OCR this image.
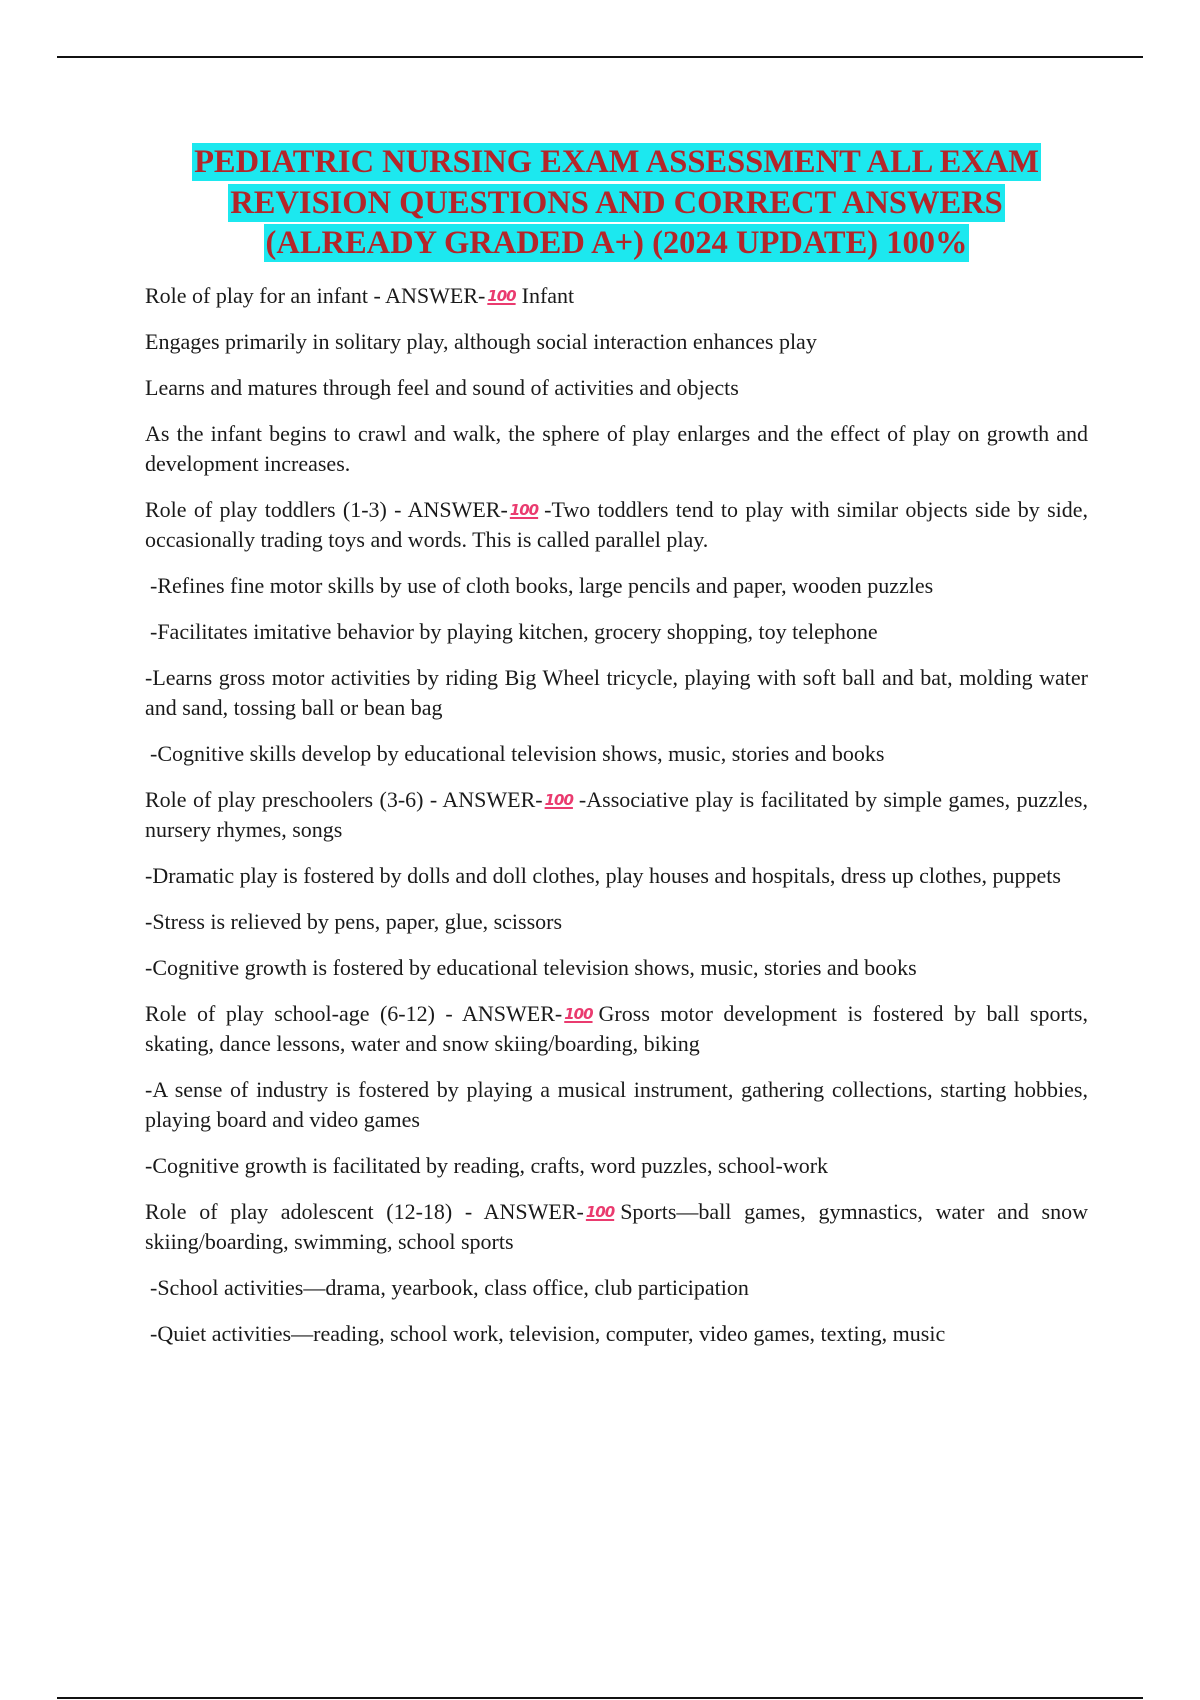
PEDIATRIC NURSING EXAM ASSESSMENT ALL EXAM
REVISION QUESTIONS AND CORRECT ANSWERS
(ALREADY GRADED A+) (2024 UPDATE) 100%

Role of play for an infant - ANSWER- 100 Infant

Engages primarily in solitary play, although social interaction enhances play

Learns and matures through feel and sound of activities and objects

As the infant begins to crawl and walk, the sphere of play enlarges and the effect of play on growth and development increases.

Role of play toddlers (1-3) - ANSWER- 100 -Two toddlers tend to play with similar objects side by side, occasionally trading toys and words. This is called parallel play.

-Refines fine motor skills by use of cloth books, large pencils and paper, wooden puzzles

-Facilitates imitative behavior by playing kitchen, grocery shopping, toy telephone

-Learns gross motor activities by riding Big Wheel tricycle, playing with soft ball and bat, molding water and sand, tossing ball or bean bag

-Cognitive skills develop by educational television shows, music, stories and books

Role of play preschoolers (3-6) - ANSWER- 100 -Associative play is facilitated by simple games, puzzles, nursery rhymes, songs

-Dramatic play is fostered by dolls and doll clothes, play houses and hospitals, dress up clothes, puppets

-Stress is relieved by pens, paper, glue, scissors

-Cognitive growth is fostered by educational television shows, music, stories and books

Role of play school-age (6-12) - ANSWER- 100 Gross motor development is fostered by ball sports, skating, dance lessons, water and snow skiing/boarding, biking

-A sense of industry is fostered by playing a musical instrument, gathering collections, starting hobbies, playing board and video games

-Cognitive growth is facilitated by reading, crafts, word puzzles, school-work

Role of play adolescent (12-18) - ANSWER- 100 Sports—ball games, gymnastics, water and snow skiing/boarding, swimming, school sports

-School activities—drama, yearbook, class office, club participation

-Quiet activities—reading, school work, television, computer, video games, texting, music
